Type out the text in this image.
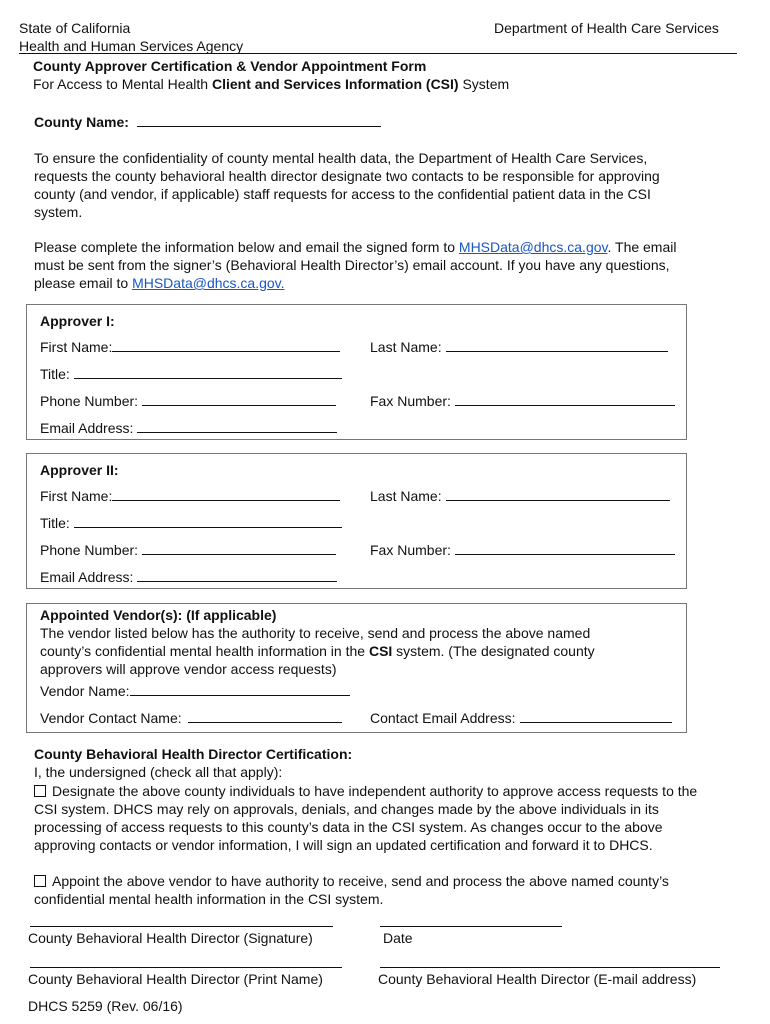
State of California
Health and Human Services Agency
Department of Health Care Services
County Approver Certification & Vendor Appointment Form
For Access to Mental Health Client and Services Information (CSI) System
County Name:
To ensure the confidentiality of county mental health data, the Department of Health Care Services,
requests the county behavioral health director designate two contacts to be responsible for approving
county (and vendor, if applicable) staff requests for access to the confidential patient data in the CSI
system.
Please complete the information below and email the signed form to MHSData@dhcs.ca.gov. The email
must be sent from the signer’s (Behavioral Health Director’s) email account. If you have any questions,
please email to MHSData@dhcs.ca.gov.
Approver I:
First Name:	Last Name:
Title:
Phone Number:	Fax Number:
Email Address:
Approver II:
First Name:	Last Name:
Title:
Phone Number:	Fax Number:
Email Address:
Appointed Vendor(s): (If applicable)
The vendor listed below has the authority to receive, send and process the above named
county’s confidential mental health information in the CSI system. (The designated county
approvers will approve vendor access requests)
Vendor Name:
Vendor Contact Name:	Contact Email Address:
County Behavioral Health Director Certification:
I, the undersigned (check all that apply):
Designate the above county individuals to have independent authority to approve access requests to the
CSI system. DHCS may rely on approvals, denials, and changes made by the above individuals in its
processing of access requests to this county’s data in the CSI system. As changes occur to the above
approving contacts or vendor information, I will sign an updated certification and forward it to DHCS.
Appoint the above vendor to have authority to receive, send and process the above named county’s
confidential mental health information in the CSI system.
County Behavioral Health Director (Signature)	Date
County Behavioral Health Director (Print Name)	County Behavioral Health Director (E-mail address)
DHCS 5259 (Rev. 06/16)
